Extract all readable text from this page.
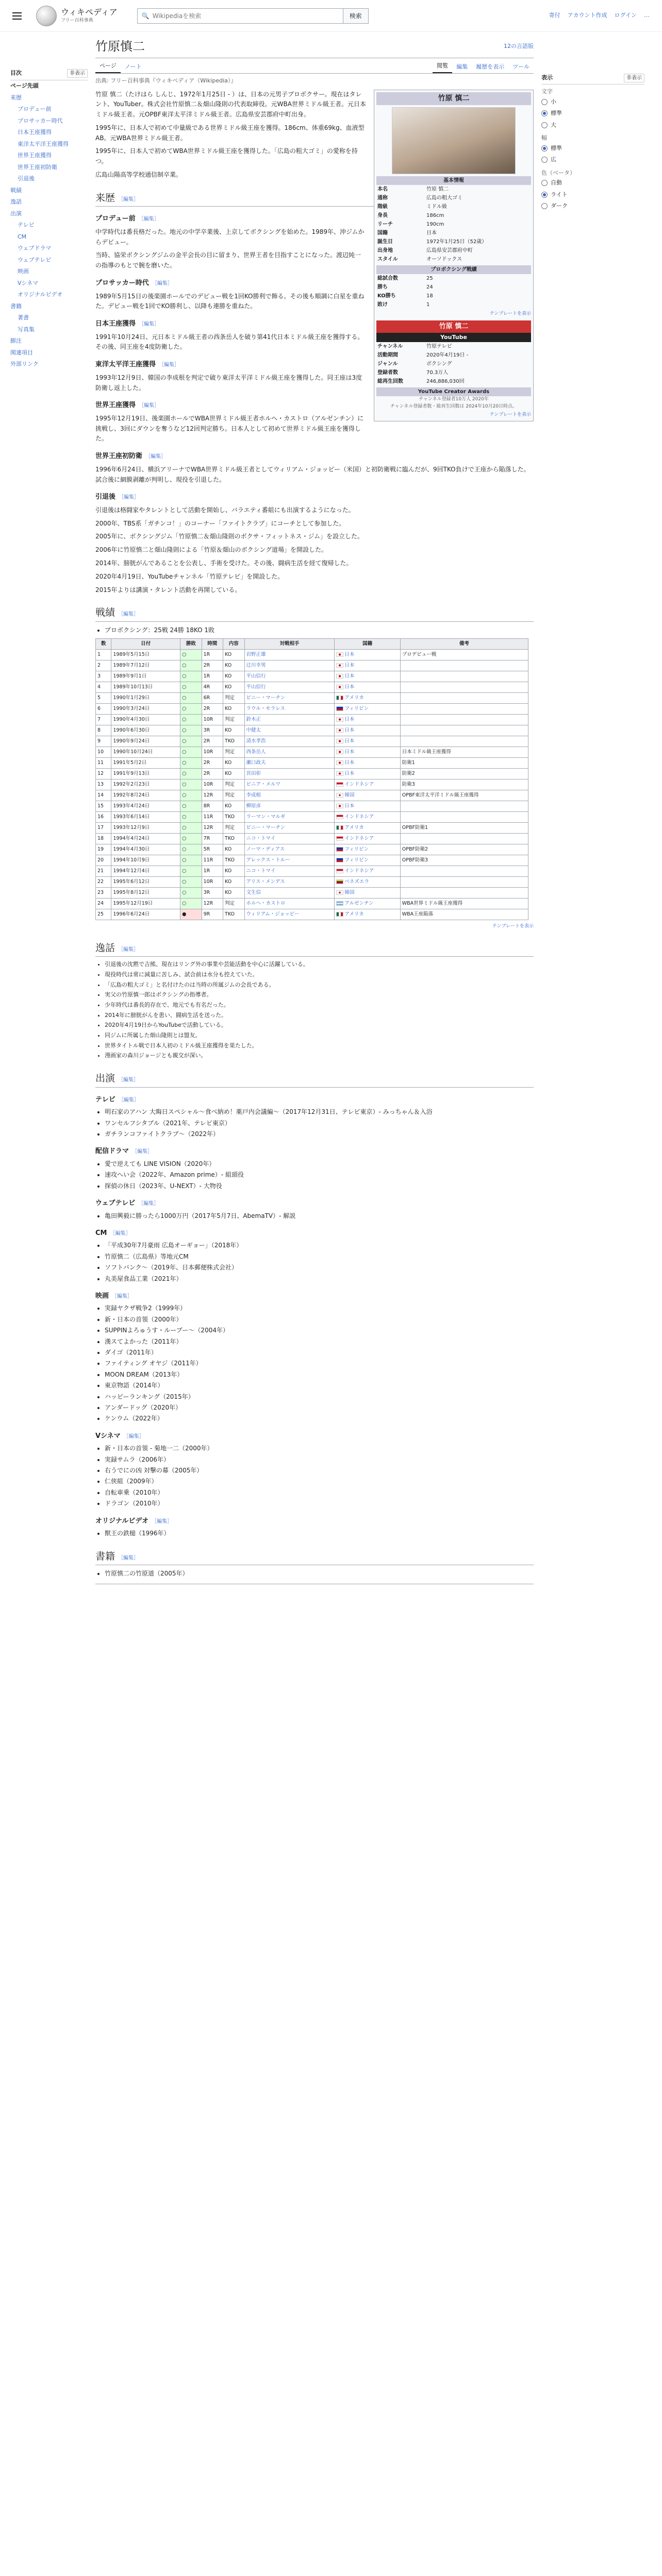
ウィキペディア
フリー百科事典
🔍
Wikipediaを検索	検索	寄付 アカウント作成 ログイン …
目次	非表示
ページ先頭
来歴
プロデュー前
プロサッカー時代
日本王座獲得
東洋太平洋王座獲得
世界王座獲得
世界王座初防衛
引退後
戦績
逸話
出演
テレビ
CM
ウェブドラマ
ウェブテレビ
映画
Vシネマ
オリジナルビデオ
書籍
著書
写真集
脚注
関連項目
外部リンク
表示	非表示
文字
小
標準
大
幅
標準
広
色（ベータ）
自動
ライト
ダーク
竹原慎二	12の言語版
ページ	ノート	閲覧	編集	履歴を表示	ツール
出典: フリー百科事典『ウィキペディア（Wikipedia）』
竹原 慎二
基本情報
本名	竹原 慎二
通称	広島の粗大ゴミ
階級	ミドル級
身長	186cm
リーチ	190cm
国籍	日本
誕生日	1972年1月25日（52歳）
出身地	広島県安芸郡府中町
スタイル	オーソドックス
プロボクシング戦績
総試合数	25
勝ち	24
KO勝ち	18
敗け	1
テンプレートを表示
竹原 慎二
YouTube
チャンネル	竹原テレビ
活動期間	2020年4月19日 -
ジャンル	ボクシング
登録者数	70.3万人
総再生回数	246,886,030回
YouTube Creator Awards
チャンネル登録者10万人 2020年
チャンネル登録者数・総再生回数は 2024年10月20日時点。
テンプレートを表示

竹原 慎二（たけはら しんじ、1972年1月25日 - ）は、日本の元男子プロボクサー。現在はタレント、YouTuber。株式会社竹原慎二＆畑山隆則の代表取締役。元WBA世界ミドル級王者。元日本ミドル級王者。元OPBF東洋太平洋ミドル級王者。広島県安芸郡府中町出身。

1995年に、日本人で初めて中量級である世界ミドル級王座を獲得。186cm、体重69kg、血液型AB。元WBA世界ミドル級王者。

1995年に、日本人で初めてWBA世界ミドル級王座を獲得した。「広島の粗大ゴミ」の愛称を持つ。

広島山陽高等学校通信制卒業。

来歴 ［編集］
プロデュー前 ［編集］

中学時代は番長格だった。地元の中学卒業後、上京してボクシングを始めた。1989年、沖ジムからデビュー。

当時、協栄ボクシングジムの金平会長の目に留まり、世界王者を目指すことになった。渡辺純一の指導のもとで腕を磨いた。

プロサッカー時代 ［編集］

1989年5月15日の後楽園ホールでのデビュー戦を1回KO勝利で飾る。その後も順調に白星を重ねた。デビュー戦を1回でKO勝利し、以降も連勝を重ねた。

日本王座獲得 ［編集］

1991年10月24日、元日本ミドル級王者の西条岳人を破り第41代日本ミドル級王座を獲得する。その後、同王座を4度防衛した。

東洋太平洋王座獲得 ［編集］

1993年12月9日、韓国の李成根を判定で破り東洋太平洋ミドル級王座を獲得した。同王座は3度防衛し返上した。

世界王座獲得 ［編集］

1995年12月19日、後楽園ホールでWBA世界ミドル級王者ホルヘ・カストロ（アルゼンチン）に挑戦し、3回にダウンを奪うなど12回判定勝ち。日本人として初めて世界ミドル級王座を獲得した。

世界王座初防衛 ［編集］

1996年6月24日、横浜アリーナでWBA世界ミドル級王者としてウィリアム・ジョッピー（米国）と初防衛戦に臨んだが、9回TKO負けで王座から陥落した。試合後に網膜剥離が判明し、現役を引退した。

引退後 ［編集］

引退後は格闘家やタレントとして活動を開始し、バラエティ番組にも出演するようになった。

2000年、TBS系「ガチンコ！」のコーナー「ファイトクラブ」にコーチとして参加した。

2005年に、ボクシングジム「竹原慎二＆畑山隆則のボクサ・フィットネス・ジム」を設立した。

2006年に竹原慎二と畑山隆則による「竹原＆畑山のボクシング道場」を開設した。

2014年、膀胱がんであることを公表し、手術を受けた。その後、闘病生活を経て復帰した。

2020年4月19日、YouTubeチャンネル「竹原テレビ」を開設した。

2015年よりは講演・タレント活動を再開している。

戦績 ［編集］
• プロボクシング：25戦 24勝 18KO 1敗
数	日付	勝敗	時間	内容	対戦相手	国籍	備考
1	1989年5月15日	○	1R	KO	岩野正雄	日本	プロデビュー戦
2	1989年7月12日	○	2R	KO	辻川幸男	日本	
3	1989年9月1日	○	1R	KO	平山信行	日本	
4	1989年10月13日	○	4R	KO	平山信行	日本	
5	1990年1月29日	○	6R	判定	ビニー・マーチン	アメリカ	
6	1990年3月24日	○	2R	KO	ラウル・モラレス	フィリピン	
7	1990年4月30日	○	10R	判定	鈴木正	日本	
8	1990年6月30日	○	3R	KO	中健太	日本	
9	1990年9月24日	○	2R	TKO	清水孝浩	日本	
10	1990年10月24日	○	10R	判定	西条岳人	日本	日本ミドル級王座獲得
11	1991年5月2日	○	2R	KO	瀬口政夫	日本	防衛1
12	1991年9月13日	○	2R	KO	宮田彰	日本	防衛2
13	1992年2月23日	○	10R	判定	ピニア・メルワ	インドネシア	防衛3
14	1992年8月24日	○	12R	判定	李成根	韓国	OPBF東洋太平洋ミドル級王座獲得
15	1993年4月24日	○	8R	KO	柳原彦	日本	
16	1993年6月14日	○	11R	TKO	ラーマン・マルギ	インドネシア	
17	1993年12月9日	○	12R	判定	ビニー・マーチン	アメリカ	OPBF防衛1
18	1994年4月24日	○	7R	TKO	ニコ・トマイ	インドネシア	
19	1994年4月30日	○	5R	KO	ノーマ・ディアス	フィリピン	OPBF防衛2
20	1994年10月9日	○	11R	TKO	アレックス・トルー	フィリピン	OPBF防衛3
21	1994年12月4日	○	1R	KO	ニコ・トマイ	インドネシア	
22	1995年6月12日	○	10R	KO	アリス・メンデス	ベネズエラ	
23	1995年8月12日	○	3R	KO	文生信	韓国	
24	1995年12月19日	○	12R	判定	ホルヘ・カストロ	アルゼンチン	WBA世界ミドル級王座獲得
25	1996年6月24日	●	9R	TKO	ウィリアム・ジョッピー	アメリカ	WBA王座陥落
テンプレートを表示
逸話 ［編集］
• 引退後の沈黙で吉熊、現在はリング外の事業や芸能活動を中心に活躍している。
• 現役時代は常に減量に苦しみ、試合前は水分も控えていた。
• 「広島の粗大ゴミ」と名付けたのは当時の所属ジムの会長である。
• 実父の竹原慎一郎はボクシングの指導者。
• 少年時代は番長的存在で、地元でも有名だった。
• 2014年に膀胱がんを患い、闘病生活を送った。
• 2020年4月19日からYouTubeで活動している。
• 同ジムに所属した畑山隆則とは盟友。
• 世界タイトル戦で日本人初のミドル級王座獲得を果たした。
• 漫画家の森川ジョージとも親交が深い。
出演 ［編集］
テレビ ［編集］
• 明石家のアハン 大晦日スペシャル〜食べ納め！薬戸内会議編〜（2017年12月31日、テレビ東京）- みっちゃん＆入浴
• ワンセルフシタブル（2021年、テレビ東京）
• ガチランコファイトクラブ〜（2022年）
配信ドラマ ［編集］
• 愛で逆えても LINE VISION（2020年）
• 速攻へい会（2022年、Amazon prime）- 組頭役
• 探偵の休日（2023年、U-NEXT）- 大物役
ウェブテレビ ［編集］
• 亀田興毅に勝ったら1000万円（2017年5月7日、AbemaTV）- 解説
CM ［編集］
• 「平成30年7月豪雨 広島オーギョー」（2018年）
• 竹原慎二（広島県）等地元CM
• ソフトバンク〜（2019年、日本郵便株式会社）
• 丸美屋食品工業（2021年）
映画 ［編集］
• 実録ヤクザ戦争2（1999年）
• 新・日本の首領（2000年）
• SUPPINよろゅうす・ループー〜（2004年）
• 漢スてよかった（2011年）
• ダイゴ（2011年）
• ファイティング オヤジ（2011年）
• MOON DREAM（2013年）
• 東京物語（2014年）
• ハッピーランキング（2015年）
• アンダードッグ（2020年）
• ケンウム（2022年）
Vシネマ ［編集］
• 新・日本の首領 - 菊地一二（2000年）
• 実録サムラ（2006年）
• 右うでにの凶 対撃の幕（2005年）
• 仁侠組（2009年）
• 自転車乗（2010年）
• ドラゴン（2010年）
オリジナルビデオ ［編集］
• 獣王の鉄槌（1996年）
書籍 ［編集］
• 竹原慎二の竹原道（2005年）
